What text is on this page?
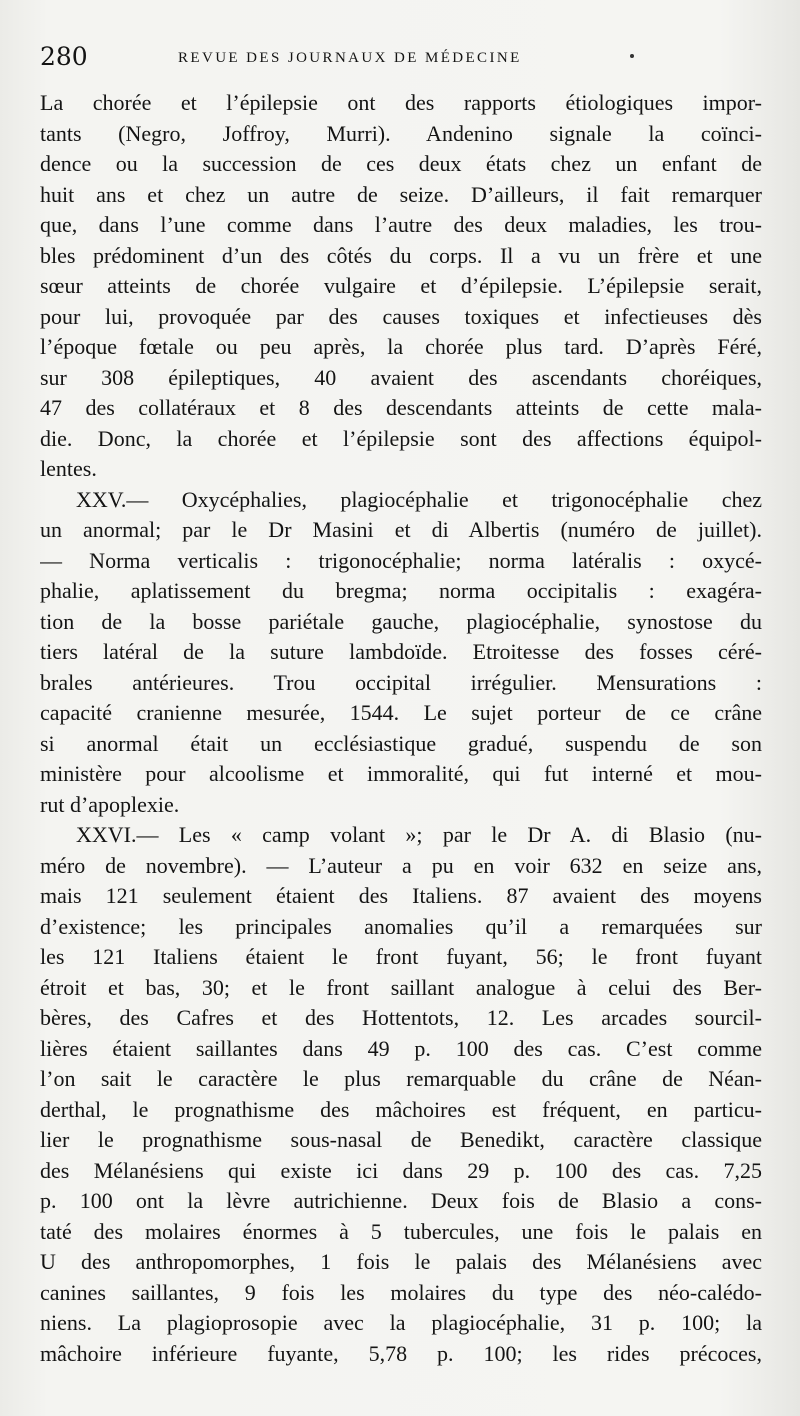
280	REVUE DES JOURNAUX DE MÉDECINE
La chorée et l’épilepsie ont des rapports étiologiques impor-
tants (Negro, Joffroy, Murri). Andenino signale la coïnci-
dence ou la succession de ces deux états chez un enfant de
huit ans et chez un autre de seize. D’ailleurs, il fait remarquer
que, dans l’une comme dans l’autre des deux maladies, les trou-
bles prédominent d’un des côtés du corps. Il a vu un frère et une
sœur atteints de chorée vulgaire et d’épilepsie. L’épilepsie serait,
pour lui, provoquée par des causes toxiques et infectieuses dès
l’époque fœtale ou peu après, la chorée plus tard. D’après Féré,
sur 308 épileptiques, 40 avaient des ascendants choréiques,
47 des collatéraux et 8 des descendants atteints de cette mala-
die. Donc, la chorée et l’épilepsie sont des affections équipol-
lentes.
XXV.— Oxycéphalies, plagiocéphalie et trigonocéphalie chez
un anormal; par le Dr Masini et di Albertis (numéro de juillet).
— Norma verticalis : trigonocéphalie; norma latéralis : oxycé-
phalie, aplatissement du bregma; norma occipitalis : exagéra-
tion de la bosse pariétale gauche, plagiocéphalie, synostose du
tiers latéral de la suture lambdoïde. Etroitesse des fosses céré-
brales antérieures. Trou occipital irrégulier. Mensurations :
capacité cranienne mesurée, 1544. Le sujet porteur de ce crâne
si anormal était un ecclésiastique gradué, suspendu de son
ministère pour alcoolisme et immoralité, qui fut interné et mou-
rut d’apoplexie.
XXVI.— Les « camp volant »; par le Dr A. di Blasio (nu-
méro de novembre). — L’auteur a pu en voir 632 en seize ans,
mais 121 seulement étaient des Italiens. 87 avaient des moyens
d’existence; les principales anomalies qu’il a remarquées sur
les 121 Italiens étaient le front fuyant, 56; le front fuyant
étroit et bas, 30; et le front saillant analogue à celui des Ber-
bères, des Cafres et des Hottentots, 12. Les arcades sourcil-
lières étaient saillantes dans 49 p. 100 des cas. C’est comme
l’on sait le caractère le plus remarquable du crâne de Néan-
derthal, le prognathisme des mâchoires est fréquent, en particu-
lier le prognathisme sous-nasal de Benedikt, caractère classique
des Mélanésiens qui existe ici dans 29 p. 100 des cas. 7,25
p. 100 ont la lèvre autrichienne. Deux fois de Blasio a cons-
taté des molaires énormes à 5 tubercules, une fois le palais en
U des anthropomorphes, 1 fois le palais des Mélanésiens avec
canines saillantes, 9 fois les molaires du type des néo-calédo-
niens. La plagioprosopie avec la plagiocéphalie, 31 p. 100; la
mâchoire inférieure fuyante, 5,78 p. 100; les rides précoces,
